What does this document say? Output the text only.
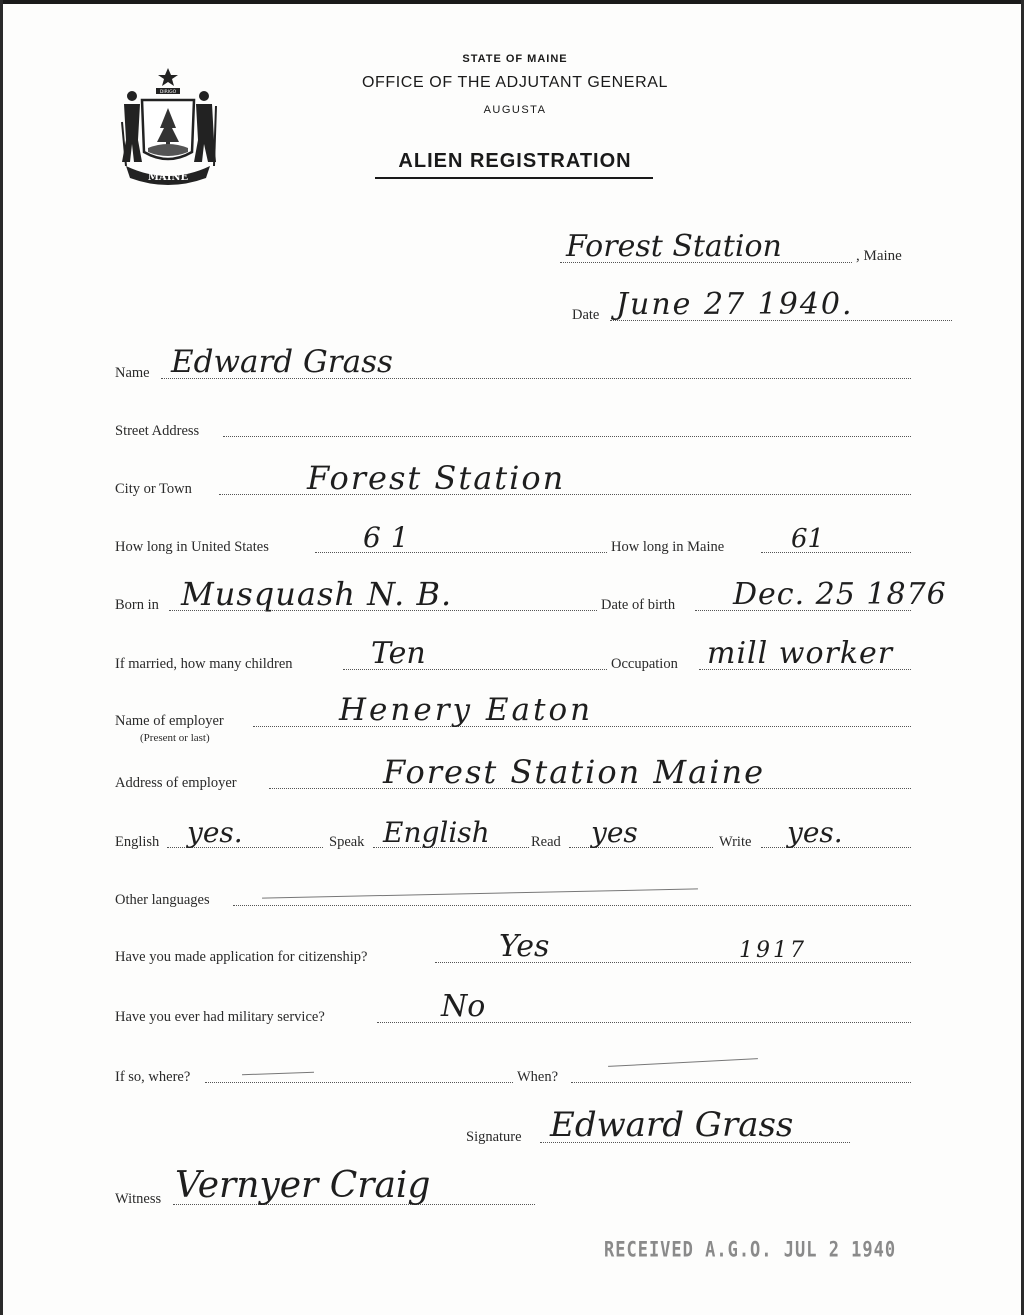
DIRIGO
MAINE
STATE OF MAINE
OFFICE OF THE ADJUTANT GENERAL
AUGUSTA
ALIEN REGISTRATION
Forest Station	, Maine
Date June 27 1940.
Name Edward Grass
Street Address
City or Town	Forest Station
How long in United States	61	How long in Maine	61
Born in Musquash N. B.	Date of birth Dec. 25 1876
If married, how many children	Ten	Occupation mill worker
Name of employer	Henery Eaton
(Present or last)
Address of employer	Forest Station Maine
English yes.	Speak English	Read yes	Write yes.
Other languages
Have you made application for citizenship?	Yes	1917
Have you ever had military service?	No
If so, where?	When?
Signature Edward Grass
Witness Vernyer Craig
RECEIVED A.G.O. JUL 2 1940
